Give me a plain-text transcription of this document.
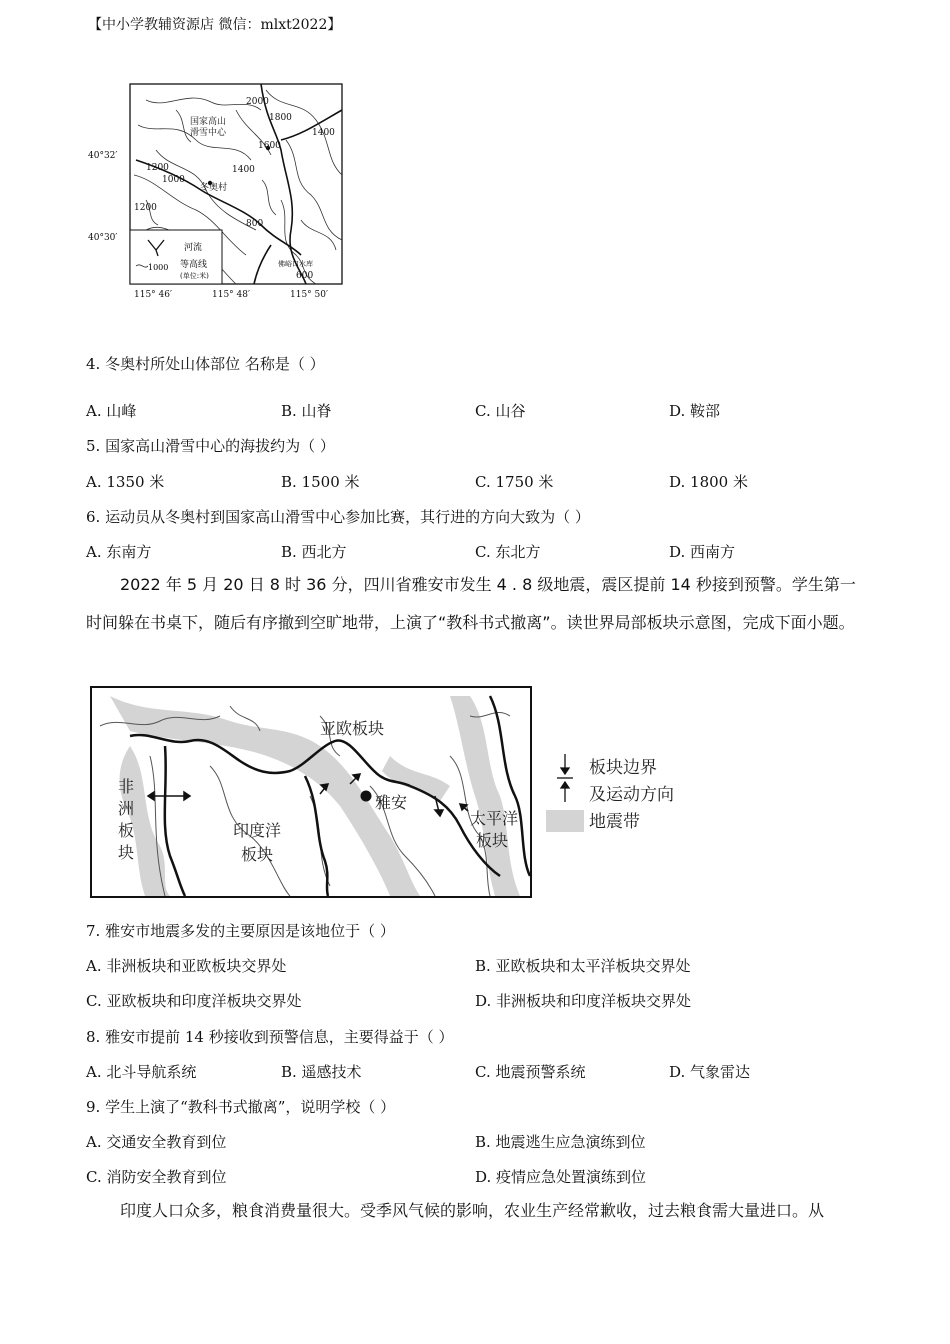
【中小学教辅资源店 微信：mlxt2022】
2000
1800
1600
1400
1400
1200
1000
800
1200
600
国家高山
滑雪中心
冬奥村
佛峪口水库
40°32′
40°30′
115° 46′	115° 48′	115° 50′
河流
1000 等高线
(单位:米)
4. 冬奥村所处山体部位 名称是（ ）
A. 山峰	B. 山脊	C. 山谷	D. 鞍部
5. 国家高山滑雪中心的海拔约为（ ）
A. 1350 米	B. 1500 米	C. 1750 米	D. 1800 米
6. 运动员从冬奥村到国家高山滑雪中心参加比赛，其行进的方向大致为（ ）
A. 东南方	B. 西北方	C. 东北方	D. 西南方
2022 年 5 月 20 日 8 时 36 分，四川省雅安市发生 4 . 8 级地震，震区提前 14 秒接到预警。学生第一时间躲在书桌下，随后有序撤到空旷地带，上演了“教科书式撤离”。读世界局部板块示意图，完成下面小题。
亚欧板块
非
洲
板
块
印度洋
板块
雅安
太平洋
板块
板块边界
及运动方向
地震带
7. 雅安市地震多发的主要原因是该地位于（ ）
A. 非洲板块和亚欧板块交界处	B. 亚欧板块和太平洋板块交界处
C. 亚欧板块和印度洋板块交界处	D. 非洲板块和印度洋板块交界处
8. 雅安市提前 14 秒接收到预警信息，主要得益于（ ）
A. 北斗导航系统	B. 遥感技术	C. 地震预警系统	D. 气象雷达
9. 学生上演了“教科书式撤离”，说明学校（ ）
A. 交通安全教育到位	B. 地震逃生应急演练到位
C. 消防安全教育到位	D. 疫情应急处置演练到位
印度人口众多，粮食消费量很大。受季风气候的影响，农业生产经常歉收，过去粮食需大量进口。从
